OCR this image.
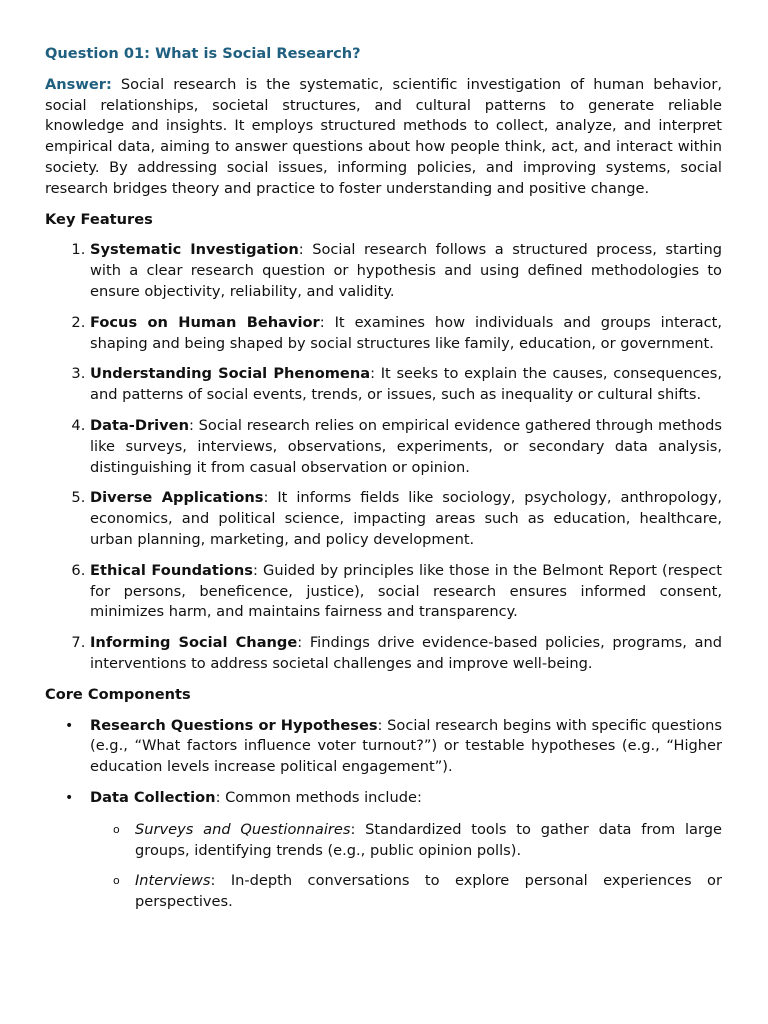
Question 01: What is Social Research?

Answer: Social research is the systematic, scientific investigation of human behavior, social relationships, societal structures, and cultural patterns to generate reliable knowledge and insights. It employs structured methods to collect, analyze, and interpret empirical data, aiming to answer questions about how people think, act, and interact within society. By addressing social issues, informing policies, and improving systems, social research bridges theory and practice to foster understanding and positive change.

Key Features
1. Systematic Investigation: Social research follows a structured process, starting with a clear research question or hypothesis and using defined methodologies to ensure objectivity, reliability, and validity.
2. Focus on Human Behavior: It examines how individuals and groups interact, shaping and being shaped by social structures like family, education, or government.
3. Understanding Social Phenomena: It seeks to explain the causes, consequences, and patterns of social events, trends, or issues, such as inequality or cultural shifts.
4. Data-Driven: Social research relies on empirical evidence gathered through methods like surveys, interviews, observations, experiments, or secondary data analysis, distinguishing it from casual observation or opinion.
5. Diverse Applications: It informs fields like sociology, psychology, anthropology, economics, and political science, impacting areas such as education, healthcare, urban planning, marketing, and policy development.
6. Ethical Foundations: Guided by principles like those in the Belmont Report (respect for persons, beneficence, justice), social research ensures informed consent, minimizes harm, and maintains fairness and transparency.
7. Informing Social Change: Findings drive evidence-based policies, programs, and interventions to address societal challenges and improve well-being.
Core Components
• Research Questions or Hypotheses: Social research begins with specific questions (e.g., “What factors influence voter turnout?”) or testable hypotheses (e.g., “Higher education levels increase political engagement”).
• Data Collection: Common methods include:
o Surveys and Questionnaires: Standardized tools to gather data from large groups, identifying trends (e.g., public opinion polls).
o Interviews: In-depth conversations to explore personal experiences or perspectives.
